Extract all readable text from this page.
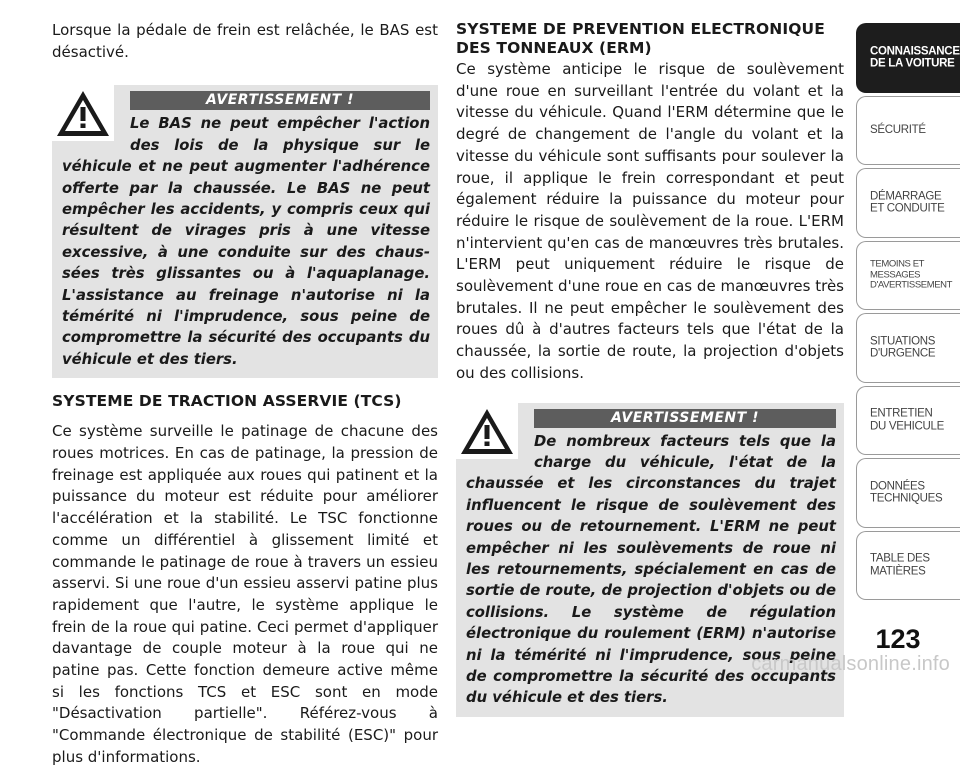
Lorsque la pédale de frein est relâchée, le BAS est désactivé.

AVERTISSEMENT !

Le BAS ne peut empêcher l'action des lois de la physique sur le véhicule et ne peut augmenter l'adhérence offerte par la chaussée. Le BAS ne peut empêcher les accidents, y compris ceux qui résultent de virages pris à une vitesse excessive, à une conduite sur des chaussées très glissantes ou à l'aquaplanage. L'assistance au freinage n'autorise ni la témérité ni l'imprudence, sous peine de compromettre la sécurité des occupants du véhicule et des tiers.

SYSTEME DE TRACTION ASSERVIE (TCS)

Ce système surveille le patinage de chacune des roues motrices. En cas de patinage, la pression de freinage est appliquée aux roues qui patinent et la puissance du moteur est réduite pour améliorer l'accélération et la stabilité. Le TSC fonctionne comme un différentiel à glissement limité et commande le patinage de roue à travers un essieu asservi. Si une roue d'un essieu asservi patine plus rapidement que l'autre, le système applique le frein de la roue qui patine. Ceci permet d'appliquer davantage de couple moteur à la roue qui ne patine pas. Cette fonction demeure active même si les fonctions TCS et ESC sont en mode "Désactivation partielle". Référez-vous à "Commande électronique de stabilité (ESC)" pour plus d'informations.

SYSTEME DE PREVENTION ELECTRONIQUE DES TONNEAUX (ERM)

Ce système anticipe le risque de soulèvement d'une roue en surveillant l'entrée du volant et la vitesse du véhicule. Quand l'ERM détermine que le degré de changement de l'angle du volant et la vitesse du véhicule sont suffisants pour soulever la roue, il applique le frein correspondant et peut également réduire la puissance du moteur pour réduire le risque de soulèvement de la roue. L'ERM n'intervient qu'en cas de manœuvres très brutales. L'ERM peut uniquement réduire le risque de soulèvement d'une roue en cas de manœuvres très brutales. Il ne peut empêcher le soulèvement des roues dû à d'autres facteurs tels que l'état de la chaussée, la sortie de route, la projection d'objets ou des collisions.

AVERTISSEMENT !

De nombreux facteurs tels que la charge du véhicule, l'état de la chaussée et les circonstances du trajet influencent le risque de soulèvement des roues ou de retournement. L'ERM ne peut empêcher ni les soulèvements de roue ni les retournements, spécialement en cas de sortie de route, de projection d'objets ou de collisions. Le système de régulation électronique du roulement (ERM) n'autorise ni la témérité ni l'imprudence, sous peine de compromettre la sécurité des occupants du véhicule et des tiers.

CONNAISSANCE
DE LA VOITURE
SÉCURITÉ
DÉMARRAGE
ET CONDUITE
TEMOINS ET
MESSAGES
D'AVERTISSEMENT
SITUATIONS
D'URGENCE
ENTRETIEN
DU VEHICULE
DONNÉES
TECHNIQUES
TABLE DES
MATIÈRES
123
carmanualsonline.info
